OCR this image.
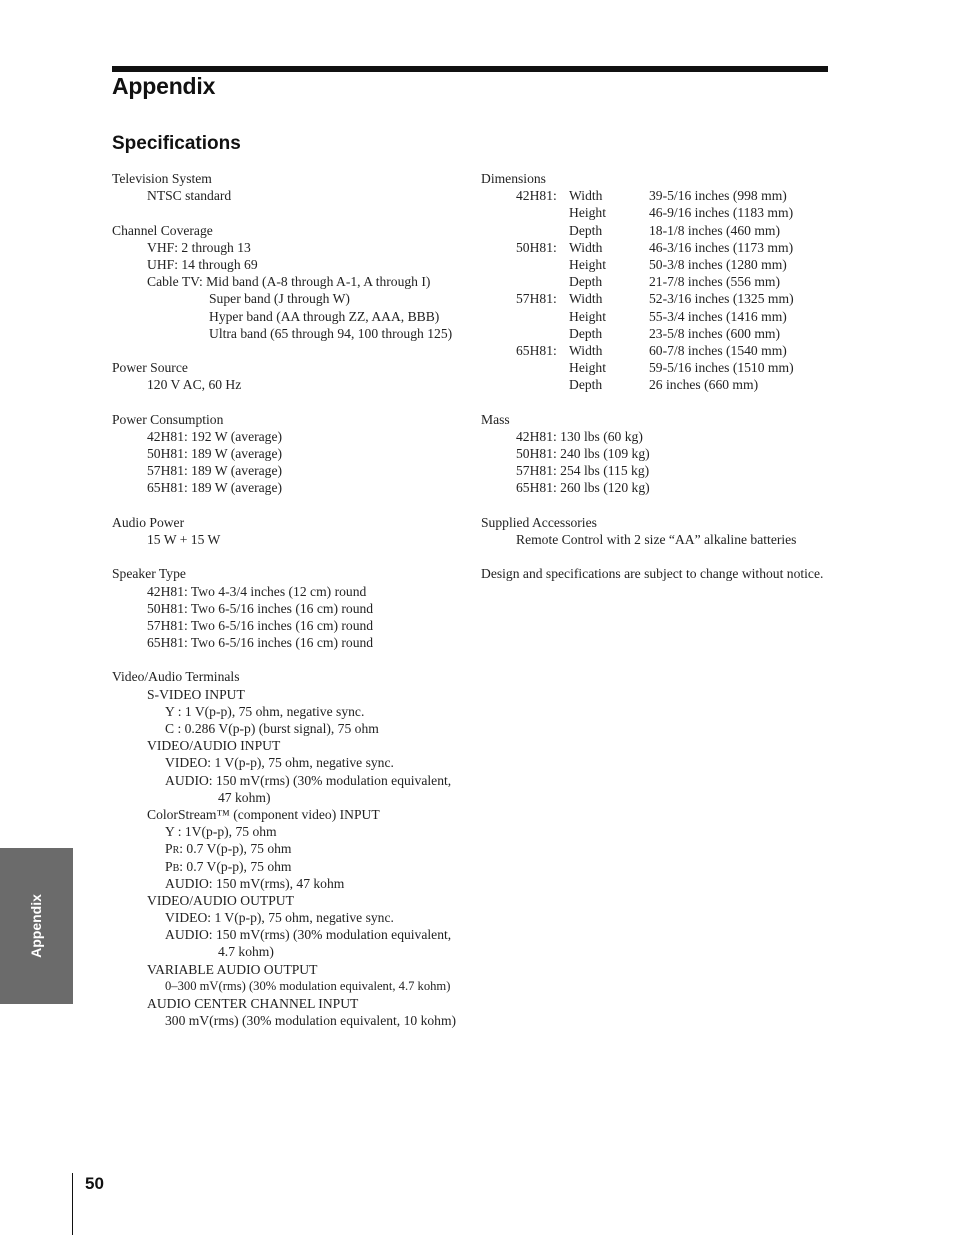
Appendix
Specifications
Television System
NTSC standard
Channel Coverage
VHF: 2 through 13
UHF: 14 through 69
Cable TV: Mid band (A-8 through A-1, A through I)
Super band (J through W)
Hyper band (AA through ZZ, AAA, BBB)
Ultra band (65 through 94, 100 through 125)
Power Source
120 V AC, 60 Hz
Power Consumption
42H81: 192 W (average)
50H81: 189 W (average)
57H81: 189 W (average)
65H81: 189 W (average)
Audio Power
15 W + 15 W
Speaker Type
42H81: Two 4-3/4 inches (12 cm) round
50H81: Two 6-5/16 inches (16 cm) round
57H81: Two 6-5/16 inches (16 cm) round
65H81: Two 6-5/16 inches (16 cm) round
Video/Audio Terminals
S-VIDEO INPUT
Y : 1 V(p-p), 75 ohm, negative sync.
C : 0.286 V(p-p) (burst signal), 75 ohm
VIDEO/AUDIO INPUT
VIDEO: 1 V(p-p), 75 ohm, negative sync.
AUDIO: 150 mV(rms) (30% modulation equivalent,
47 kohm)
ColorStream™ (component video) INPUT
Y : 1V(p-p), 75 ohm
PR: 0.7 V(p-p), 75 ohm
PB: 0.7 V(p-p), 75 ohm
AUDIO: 150 mV(rms), 47 kohm
VIDEO/AUDIO OUTPUT
VIDEO: 1 V(p-p), 75 ohm, negative sync.
AUDIO: 150 mV(rms) (30% modulation equivalent,
4.7 kohm)
VARIABLE AUDIO OUTPUT
0–300 mV(rms) (30% modulation equivalent, 4.7 kohm)
AUDIO CENTER CHANNEL INPUT
300 mV(rms) (30% modulation equivalent, 10 kohm)
Dimensions
42H81: Width	39-5/16 inches (998 mm)
Height	46-9/16 inches (1183 mm)
Depth	18-1/8 inches (460 mm)
50H81: Width	46-3/16 inches (1173 mm)
Height	50-3/8 inches (1280 mm)
Depth	21-7/8 inches (556 mm)
57H81: Width	52-3/16 inches (1325 mm)
Height	55-3/4 inches (1416 mm)
Depth	23-5/8 inches (600 mm)
65H81: Width	60-7/8 inches (1540 mm)
Height	59-5/16 inches (1510 mm)
Depth	26 inches (660 mm)
Mass
42H81: 130 lbs (60 kg)
50H81: 240 lbs (109 kg)
57H81: 254 lbs (115 kg)
65H81: 260 lbs (120 kg)
Supplied Accessories
Remote Control with 2 size “AA” alkaline batteries
Design and specifications are subject to change without notice.
Appendix
50
